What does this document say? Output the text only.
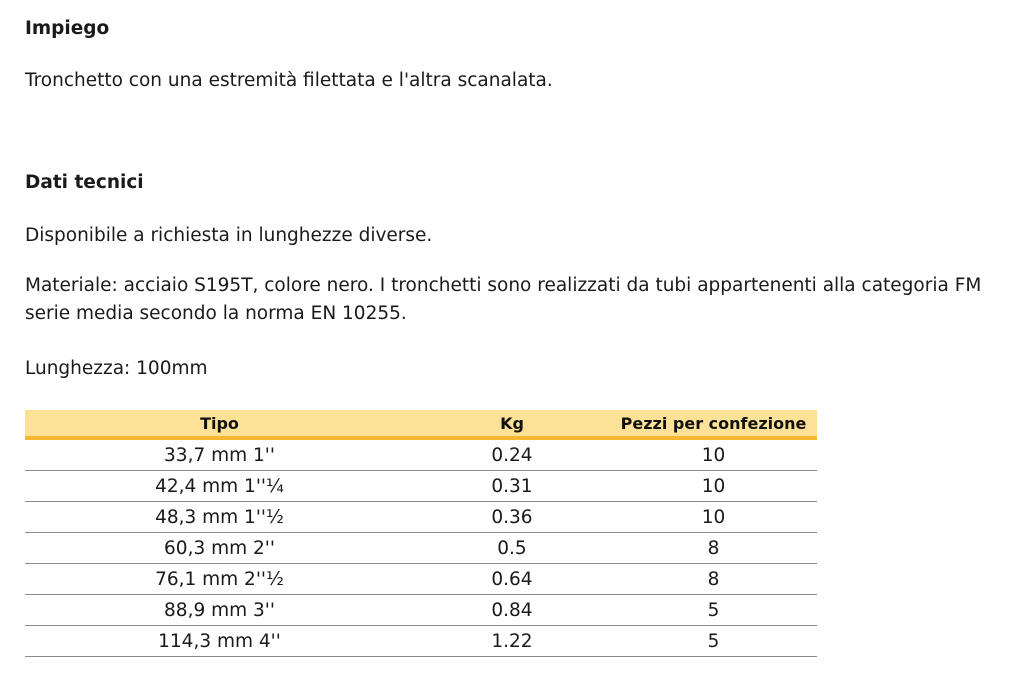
Impiego

Tronchetto con una estremità filettata e l'altra scanalata.

Dati tecnici

Disponibile a richiesta in lunghezze diverse.

Materiale: acciaio S195T, colore nero. I tronchetti sono realizzati da tubi appartenenti alla categoria FM serie media secondo la norma EN 10255.

Lunghezza: 100mm

Tipo	Kg	Pezzi per confezione
33,7 mm 1''	0.24	10
42,4 mm 1''¼	0.31	10
48,3 mm 1''½	0.36	10
60,3 mm 2''	0.5	8
76,1 mm 2''½	0.64	8
88,9 mm 3''	0.84	5
114,3 mm 4''	1.22	5
